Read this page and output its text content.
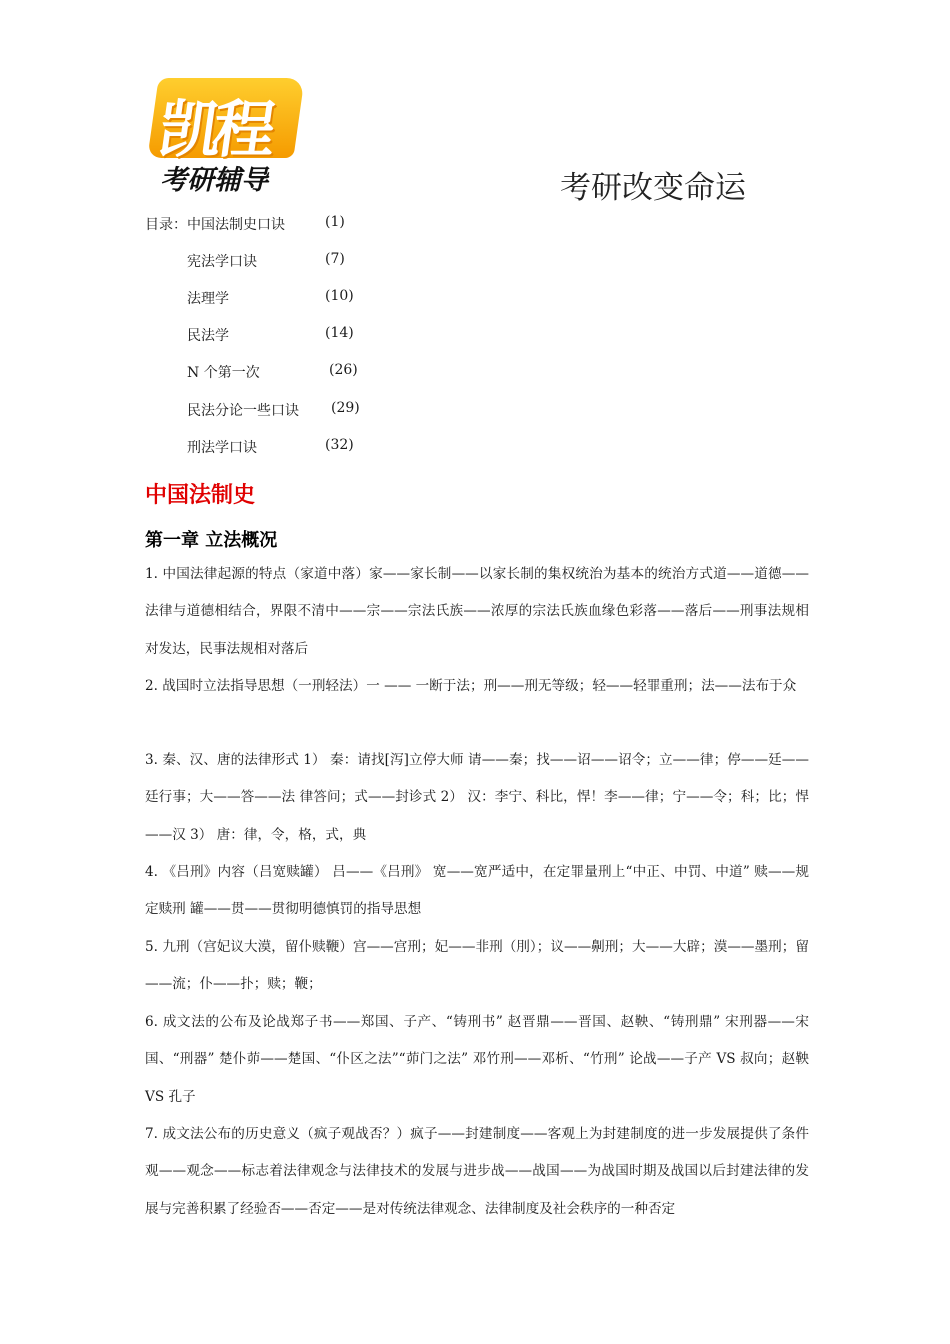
凯程
考研辅导	考研改变命运
目录： 中国法制史口诀	(1)
宪法学口诀	(7)
法理学	(10)
民法学	(14)
N 个第一次	(26)
民法分论一些口诀 (29)
刑法学口诀	(32)
中国法制史
第一章 立法概况

1. 中国法律起源的特点（家道中落）家——家长制——以家长制的集权统治为基本的统治方式道——道德——法律与道德相结合，界限不清中——宗——宗法氏族——浓厚的宗法氏族血缘色彩落——落后——刑事法规相对发达，民事法规相对落后

2. 战国时立法指导思想（一刑轻法）一 —— 一断于法；刑——刑无等级；轻——轻罪重刑；法——法布于众

3. 秦、汉、唐的法律形式 1） 秦：请找[泻]立停大师 请——秦；找——诏——诏令；立——律；停——廷——廷行事；大——答——法 律答问；式——封诊式 2） 汉：李宁、科比，悍！李——律；宁——令；科；比；悍——汉 3） 唐：律，令，格，式，典

4. 《吕刑》内容（吕宽赎罐） 吕——《吕刑》 宽——宽严适中，在定罪量刑上“中正、中罚、中道” 赎——规定赎刑 罐——贯——贯彻明德慎罚的指导思想

5. 九刑（宫妃议大漠，留仆赎鞭）宫——宫刑；妃——非刑（刖）；议——劓刑；大——大辟；漠——墨刑；留——流；仆——扑；赎；鞭；

6. 成文法的公布及论战郑子书——郑国、子产、“铸刑书” 赵晋鼎——晋国、赵鞅、“铸刑鼎” 宋刑器——宋国、“刑器” 楚仆茆——楚国、“仆区之法”“茆门之法” 邓竹刑——邓析、“竹刑” 论战——子产 VS 叔向；赵鞅 VS 孔子

7. 成文法公布的历史意义（疯子观战否？）疯子——封建制度——客观上为封建制度的进一步发展提供了条件观——观念——标志着法律观念与法律技术的发展与进步战——战国——为战国时期及战国以后封建法律的发展与完善积累了经验否——否定——是对传统法律观念、法律制度及社会秩序的一种否定
